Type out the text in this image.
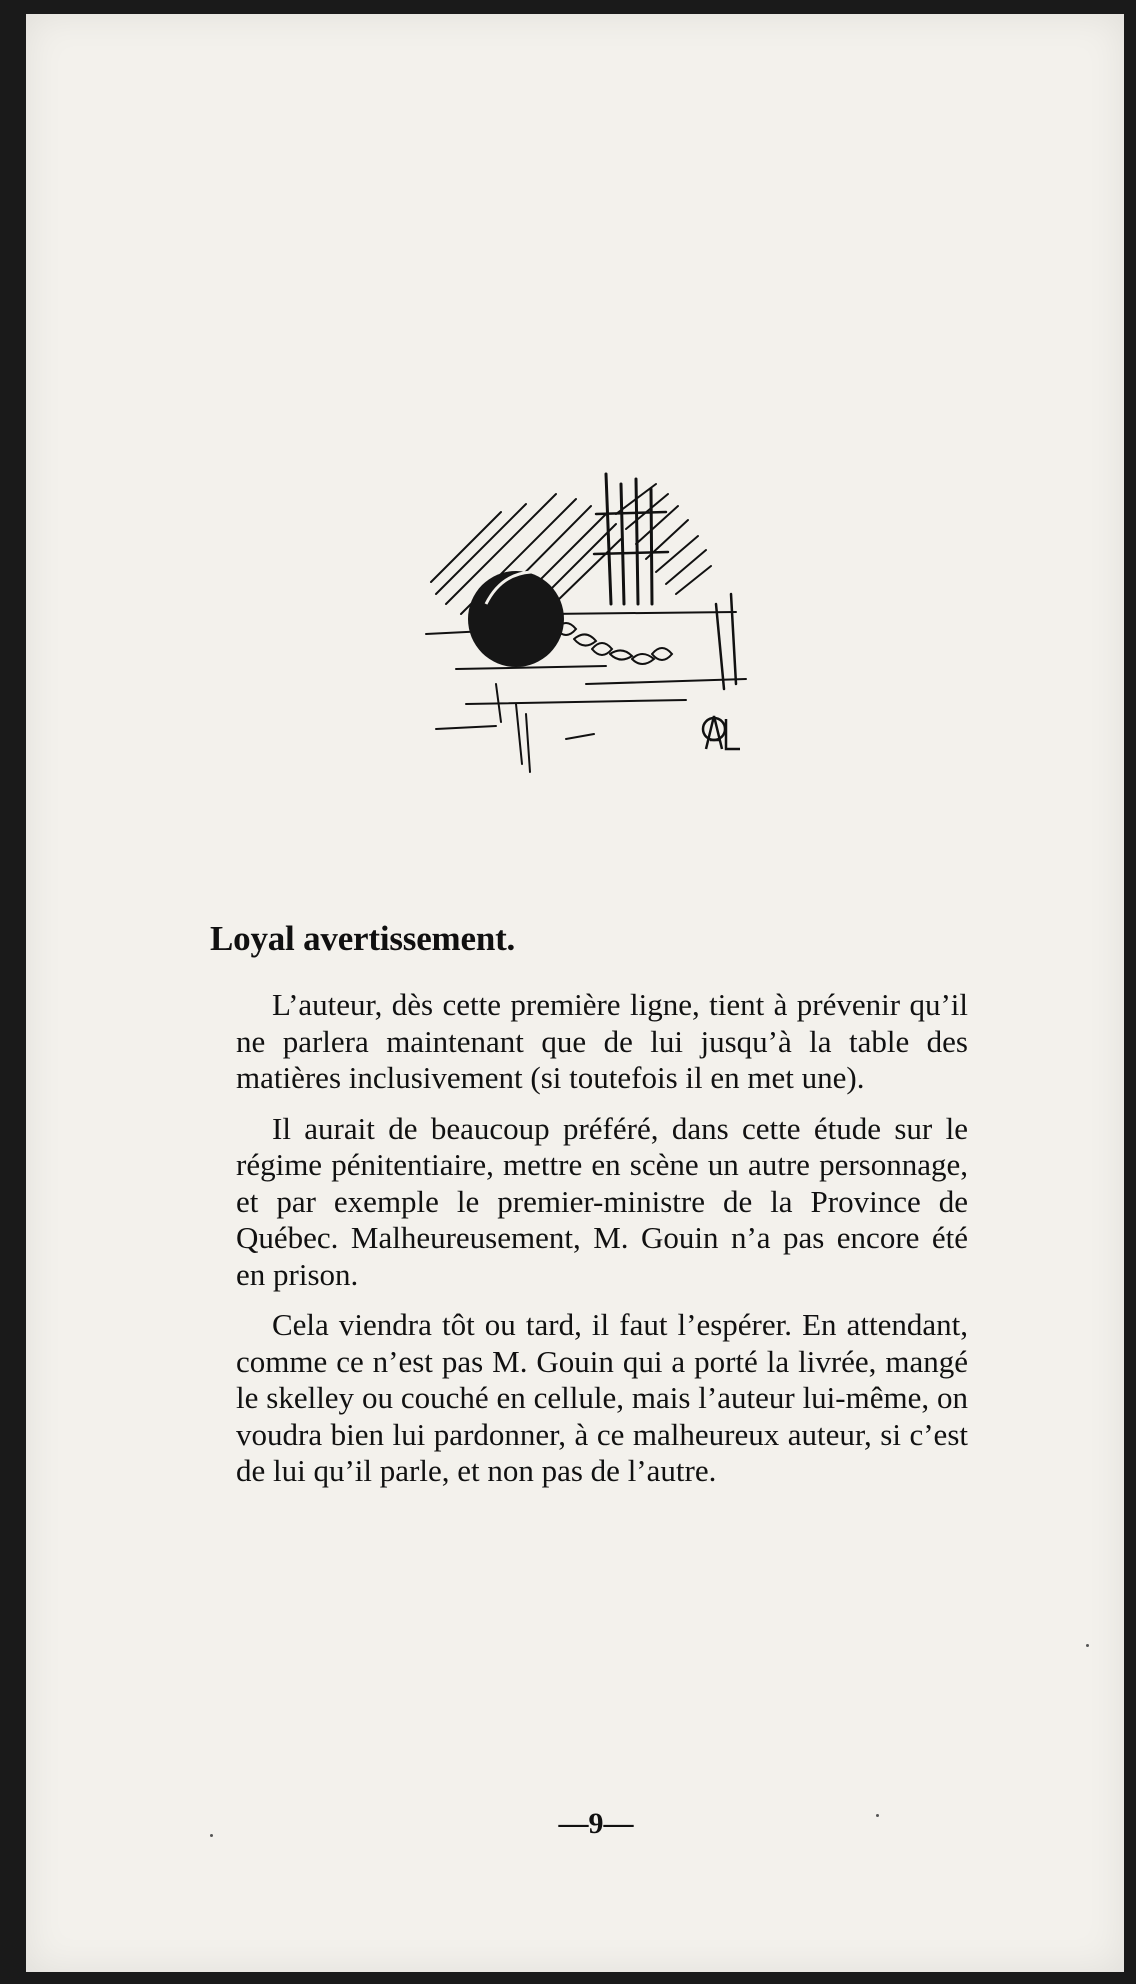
Loyal avertissement.

L’auteur, dès cette première ligne, tient à prévenir qu’il ne parlera maintenant que de lui jusqu’à la table des matières inclusivement (si toutefois il en met une).

Il aurait de beaucoup préféré, dans cette étude sur le régime pénitentiaire, mettre en scène un autre personnage, et par exemple le premier-ministre de la Province de Québec. Malheureusement, M. Gouin n’a pas encore été en prison.

Cela viendra tôt ou tard, il faut l’espérer. En attendant, comme ce n’est pas M. Gouin qui a porté la livrée, mangé le skelley ou couché en cellule, mais l’auteur lui-même, on voudra bien lui pardonner, à ce malheureux auteur, si c’est de lui qu’il parle, et non pas de l’autre.

—9—
